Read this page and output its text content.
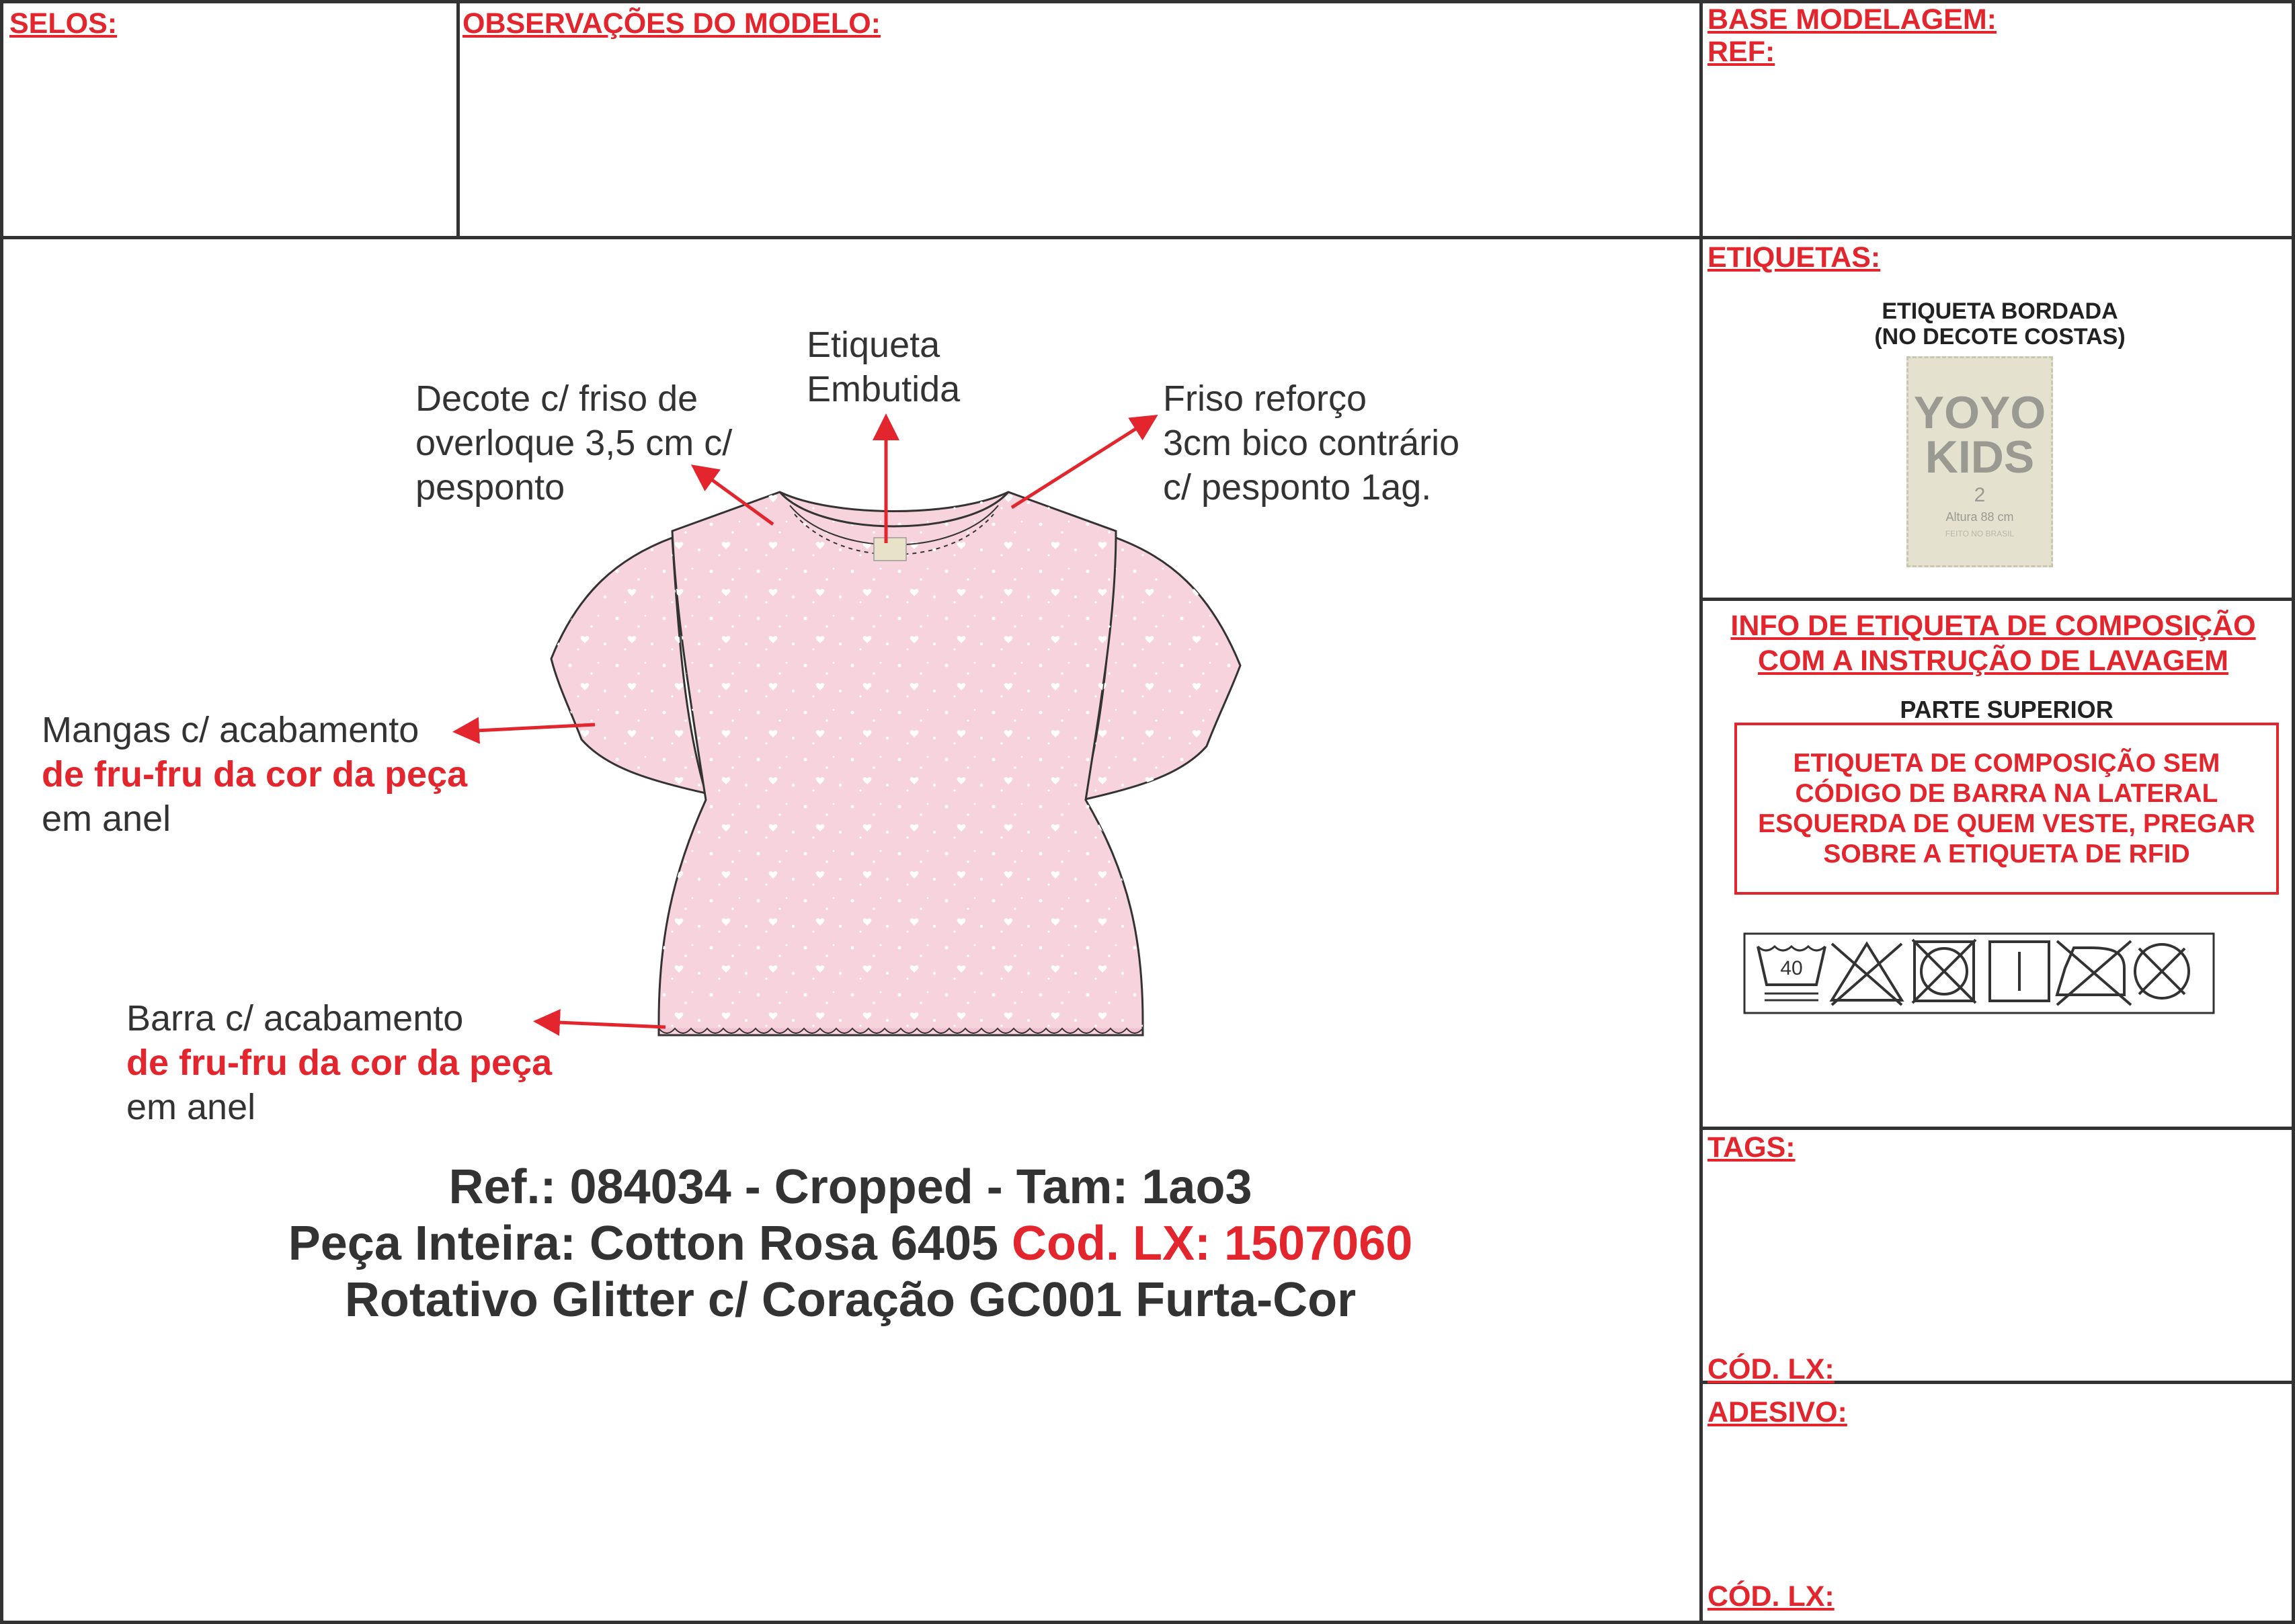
SELOS:	OBSERVAÇÕES DO MODELO:	BASE MODELAGEM:
REF:
ETIQUETAS:
ETIQUETA BORDADA
(NO DECOTE COSTAS)
YOYO
KIDS
2
Altura 88 cm
FEITO NO BRASIL
INFO DE ETIQUETA DE COMPOSIÇÃO
COM A INSTRUÇÃO DE LAVAGEM
PARTE SUPERIOR
ETIQUETA DE COMPOSIÇÃO SEM
CÓDIGO DE BARRA NA LATERAL
ESQUERDA DE QUEM VESTE, PREGAR
SOBRE A ETIQUETA DE RFID
TAGS:
CÓD. LX:
ADESIVO:
CÓD. LX:
Etiqueta
Embutida
Decote c/ friso de
overloque 3,5 cm c/
pesponto
Friso reforço
3cm bico contrário
c/ pesponto 1ag.
Mangas c/ acabamento
de fru-fru da cor da peça
em anel
Barra c/ acabamento
de fru-fru da cor da peça
em anel
Ref.: 084034 - Cropped - Tam: 1ao3
Peça Inteira: Cotton Rosa 6405 Cod. LX: 1507060
Rotativo Glitter c/ Coração GC001 Furta-Cor
40
